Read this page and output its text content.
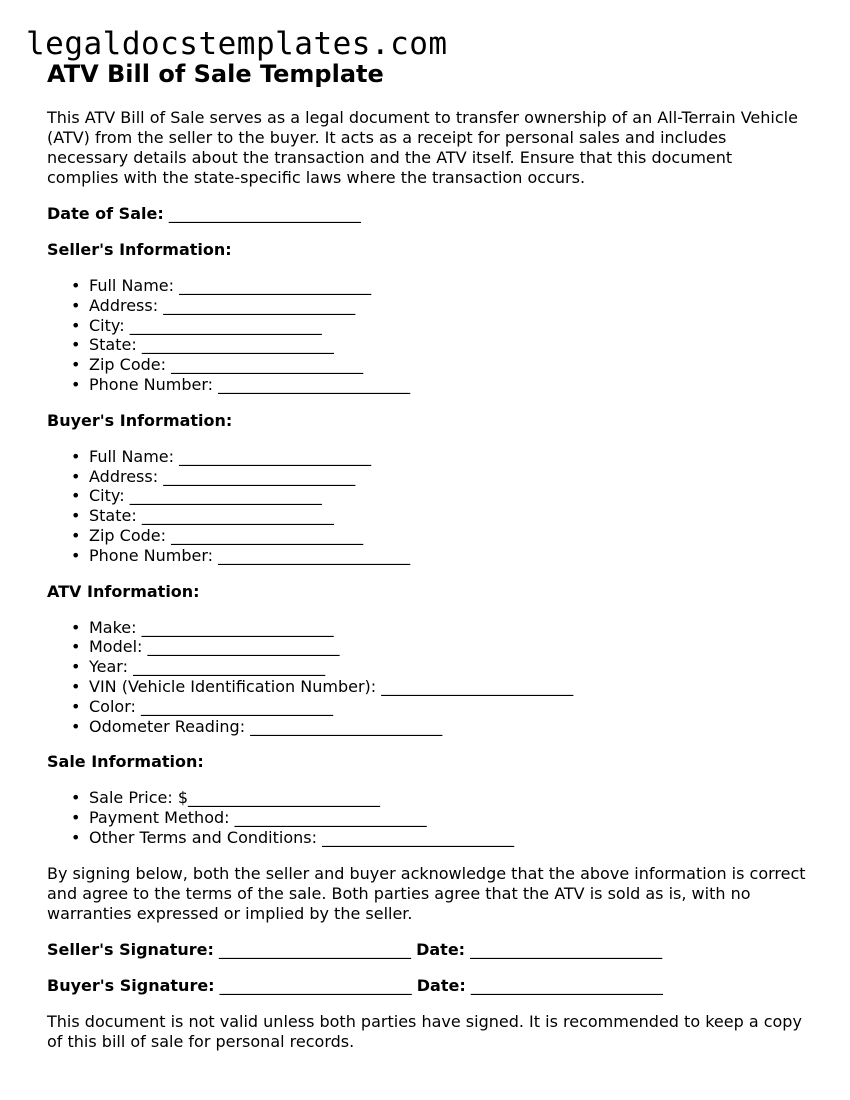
legaldocstemplates.com
ATV Bill of Sale Template

This ATV Bill of Sale serves as a legal document to transfer ownership of an All-Terrain Vehicle (ATV) from the seller to the buyer. It acts as a receipt for personal sales and includes necessary details about the transaction and the ATV itself. Ensure that this document complies with the state-specific laws where the transaction occurs.

Date of Sale: ________________________
Seller's Information:
• Full Name: ________________________
• Address: ________________________
• City: ________________________
• State: ________________________
• Zip Code: ________________________
• Phone Number: ________________________
Buyer's Information:
• Full Name: ________________________
• Address: ________________________
• City: ________________________
• State: ________________________
• Zip Code: ________________________
• Phone Number: ________________________
ATV Information:
• Make: ________________________
• Model: ________________________
• Year: ________________________
• VIN (Vehicle Identification Number): ________________________
• Color: ________________________
• Odometer Reading: ________________________
Sale Information:
• Sale Price: $________________________
• Payment Method: ________________________
• Other Terms and Conditions: ________________________

By signing below, both the seller and buyer acknowledge that the above information is correct and agree to the terms of the sale. Both parties agree that the ATV is sold as is, with no warranties expressed or implied by the seller.

Seller's Signature: ________________________ Date: ________________________
Buyer's Signature: ________________________ Date: ________________________

This document is not valid unless both parties have signed. It is recommended to keep a copy of this bill of sale for personal records.
